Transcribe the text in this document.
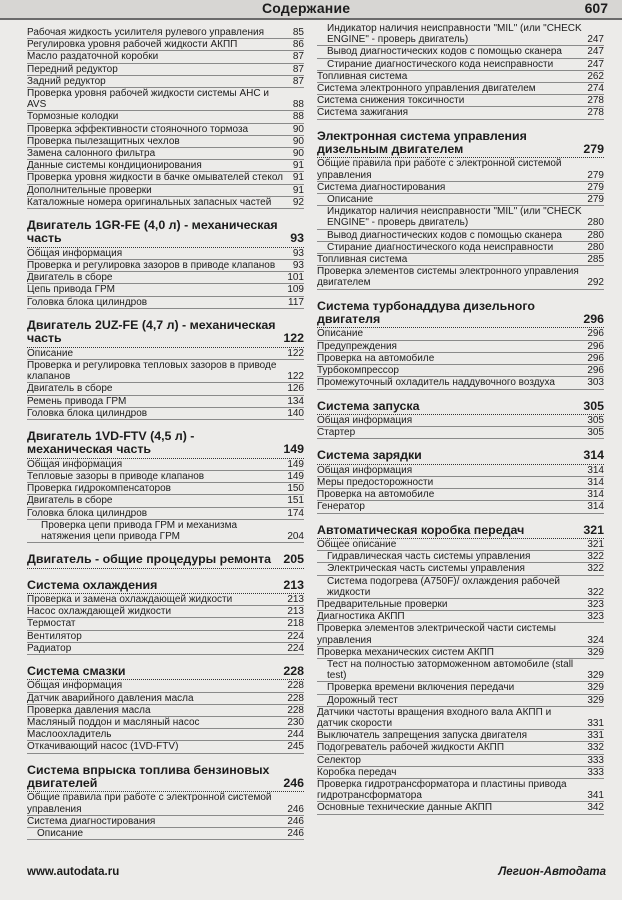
Содержание	607
Рабочая жидкость усилителя рулевого управления	85
Регулировка уровня рабочей жидкости АКПП	86
Масло раздаточной коробки	87
Передний редуктор	87
Задний редуктор	87
Проверка уровня рабочей жидкости системы AHC и AVS	88
Тормозные колодки	88
Проверка эффективности стояночного тормоза	90
Проверка пылезащитных чехлов	90
Замена салонного фильтра	90
Данные системы кондиционирования	91
Проверка уровня жидкости в бачке омывателей стекол 91
Дополнительные проверки	91
Каталожные номера оригинальных запасных частей	92
Двигатель 1GR-FE (4,0 л) - механическая часть	93
Общая информация	93
Проверка и регулировка зазоров в приводе клапанов	93
Двигатель в сборе	101
Цепь привода ГРМ	109
Головка блока цилиндров	117
Двигатель 2UZ-FE (4,7 л) - механическая часть	122
Описание	122
Проверка и регулировка тепловых зазоров в приводе клапанов	122
Двигатель в сборе	126
Ремень привода ГРМ	134
Головка блока цилиндров	140
Двигатель 1VD-FTV (4,5 л) - механическая часть	149
Общая информация	149
Тепловые зазоры в приводе клапанов	149
Проверка гидрокомпенсаторов	150
Двигатель в сборе	151
Головка блока цилиндров	174
Проверка цепи привода ГРМ и механизма натяжения цепи привода ГРМ	204
Двигатель - общие процедуры ремонта 205
Система охлаждения	213
Проверка и замена охлаждающей жидкости	213
Насос охлаждающей жидкости	213
Термостат	218
Вентилятор	224
Радиатор	224
Система смазки	228
Общая информация	228
Датчик аварийного давления масла	228
Проверка давления масла	228
Масляный поддон и масляный насос	230
Маслоохладитель	244
Откачивающий насос (1VD-FTV)	245
Система впрыска топлива бензиновых двигателей	246
Общие правила при работе с электронной системой управления	246
Система диагностирования	246
Описание	246
Индикатор наличия неисправности "MIL" (или "CHECK ENGINE" - проверь двигатель)	247
Вывод диагностических кодов с помощью сканера	247
Стирание диагностического кода неисправности	247
Топливная система	262
Система электронного управления двигателем	274
Система снижения токсичности	278
Система зажигания	278
Электронная система управления дизельным двигателем	279
Общие правила при работе с электронной системой управления	279
Система диагностирования	279
Описание	279
Индикатор наличия неисправности "MIL" (или "CHECK ENGINE" - проверь двигатель)	280
Вывод диагностических кодов с помощью сканера	280
Стирание диагностического кода неисправности	280
Топливная система	285
Проверка элементов системы электронного управления двигателем	292
Система турбонаддува дизельного двигателя	296
Описание	296
Предупреждения	296
Проверка на автомобиле	296
Турбокомпрессор	296
Промежуточный охладитель наддувочного воздуха	303
Система запуска	305
Общая информация	305
Стартер	305
Система зарядки	314
Общая информация	314
Меры предосторожности	314
Проверка на автомобиле	314
Генератор	314
Автоматическая коробка передач	321
Общее описание	321
Гидравлическая часть системы управления	322
Электрическая часть системы управления	322
Система подогрева (A750F)/ охлаждения рабочей жидкости	322
Предварительные проверки	323
Диагностика АКПП	323
Проверка элементов электрической части системы управления	324
Проверка механических систем АКПП	329
Тест на полностью заторможенном автомобиле (stall test)	329
Проверка времени включения передачи	329
Дорожный тест	329
Датчики частоты вращения входного вала АКПП и датчик скорости	331
Выключатель запрещения запуска двигателя	331
Подогреватель рабочей жидкости АКПП	332
Селектор	333
Коробка передач	333
Проверка гидротрансформатора и пластины привода гидротрансформатора	341
Основные технические данные АКПП	342
www.autodata.ru	Легион-Автодата
